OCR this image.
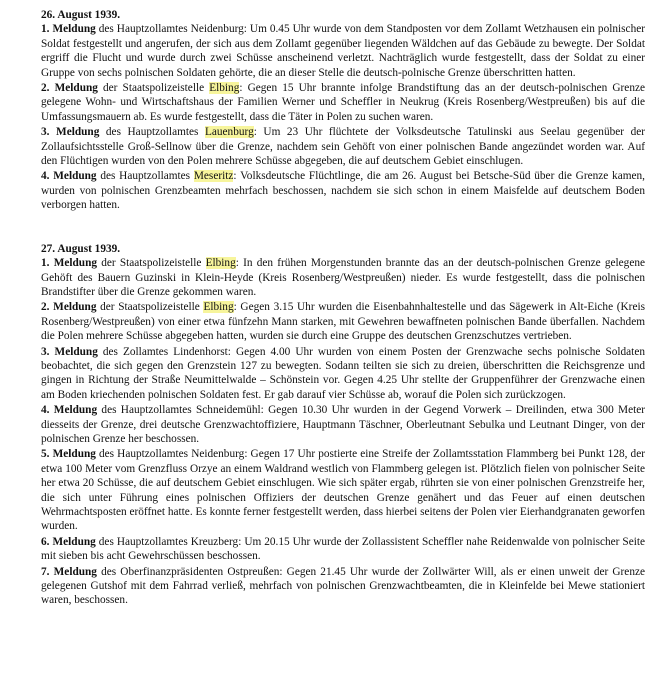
26. August 1939.

1. Meldung des Hauptzollamtes Neidenburg: Um 0.45 Uhr wurde von dem Standposten vor dem Zollamt Wetzhausen ein polnischer Soldat festgestellt und angerufen, der sich aus dem Zollamt gegenüber liegenden Wäldchen auf das Gebäude zu bewegte. Der Soldat ergriff die Flucht und wurde durch zwei Schüsse anscheinend verletzt. Nachträglich wurde festgestellt, dass der Soldat zu einer Gruppe von sechs polnischen Soldaten gehörte, die an dieser Stelle die deutsch-polnische Grenze überschritten hatten.

2. Meldung der Staatspolizeistelle Elbing: Gegen 15 Uhr brannte infolge Brandstiftung das an der deutsch-polnischen Grenze gelegene Wohn- und Wirtschaftshaus der Familien Werner und Scheffler in Neukrug (Kreis Rosenberg/Westpreußen) bis auf die Umfassungsmauern ab. Es wurde festgestellt, dass die Täter in Polen zu suchen waren.

3. Meldung des Hauptzollamtes Lauenburg: Um 23 Uhr flüchtete der Volksdeutsche Tatulinski aus Seelau gegenüber der Zollaufsichtsstelle Groß-Sellnow über die Grenze, nachdem sein Gehöft von einer polnischen Bande angezündet worden war. Auf den Flüchtigen wurden von den Polen mehrere Schüsse abgegeben, die auf deutschem Gebiet einschlugen.

4. Meldung des Hauptzollamtes Meseritz: Volksdeutsche Flüchtlinge, die am 26. August bei Betsche-Süd über die Grenze kamen, wurden von polnischen Grenzbeamten mehrfach beschossen, nachdem sie sich schon in einem Maisfelde auf deutschem Boden verborgen hatten.

27. August 1939.

1. Meldung der Staatspolizeistelle Elbing: In den frühen Morgenstunden brannte das an der deutsch-polnischen Grenze gelegene Gehöft des Bauern Guzinski in Klein-Heyde (Kreis Rosenberg/Westpreußen) nieder. Es wurde festgestellt, dass die polnischen Brandstifter über die Grenze gekommen waren.

2. Meldung der Staatspolizeistelle Elbing: Gegen 3.15 Uhr wurden die Eisenbahnhaltestelle und das Sägewerk in Alt-Eiche (Kreis Rosenberg/Westpreußen) von einer etwa fünfzehn Mann starken, mit Gewehren bewaffneten polnischen Bande überfallen. Nachdem die Polen mehrere Schüsse abgegeben hatten, wurden sie durch eine Gruppe des deutschen Grenzschutzes vertrieben.

3. Meldung des Zollamtes Lindenhorst: Gegen 4.00 Uhr wurden von einem Posten der Grenzwache sechs polnische Soldaten beobachtet, die sich gegen den Grenzstein 127 zu bewegten. Sodann teilten sie sich zu dreien, überschritten die Reichsgrenze und gingen in Richtung der Straße Neumittelwalde – Schönstein vor. Gegen 4.25 Uhr stellte der Gruppenführer der Grenzwache einen am Boden kriechenden polnischen Soldaten fest. Er gab darauf vier Schüsse ab, worauf die Polen sich zurückzogen.

4. Meldung des Hauptzollamtes Schneidemühl: Gegen 10.30 Uhr wurden in der Gegend Vorwerk – Dreilinden, etwa 300 Meter diesseits der Grenze, drei deutsche Grenzwachtoffiziere, Hauptmann Täschner, Oberleutnant Sebulka und Leutnant Dinger, von der polnischen Grenze her beschossen.

5. Meldung des Hauptzollamtes Neidenburg: Gegen 17 Uhr postierte eine Streife der Zollamtsstation Flammberg bei Punkt 128, der etwa 100 Meter vom Grenzfluss Orzye an einem Waldrand westlich von Flammberg gelegen ist. Plötzlich fielen von polnischer Seite her etwa 20 Schüsse, die auf deutschem Gebiet einschlugen. Wie sich später ergab, rührten sie von einer polnischen Grenzstreife her, die sich unter Führung eines polnischen Offiziers der deutschen Grenze genähert und das Feuer auf einen deutschen Wehrmachtsposten eröffnet hatte. Es konnte ferner festgestellt werden, dass hierbei seitens der Polen vier Eierhandgranaten geworfen wurden.

6. Meldung des Hauptzollamtes Kreuzberg: Um 20.15 Uhr wurde der Zollassistent Scheffler nahe Reidenwalde von polnischer Seite mit sieben bis acht Gewehrschüssen beschossen.

7. Meldung des Oberfinanzpräsidenten Ostpreußen: Gegen 21.45 Uhr wurde der Zollwärter Will, als er einen unweit der Grenze gelegenen Gutshof mit dem Fahrrad verließ, mehrfach von polnischen Grenzwachtbeamten, die in Kleinfelde bei Mewe stationiert waren, beschossen.
